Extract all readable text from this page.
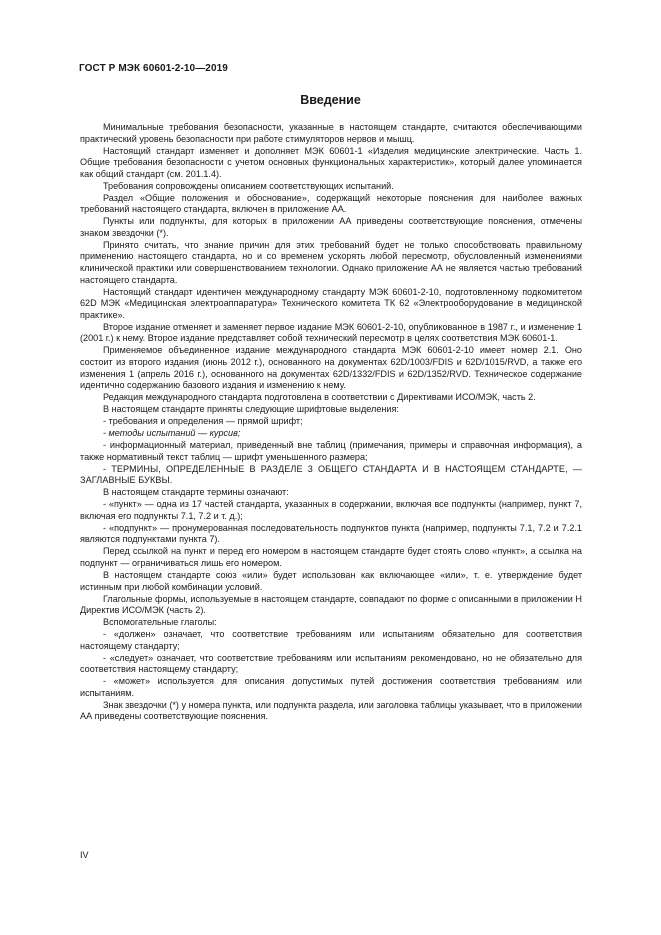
ГОСТ Р МЭК 60601-2-10—2019
Введение

Минимальные требования безопасности, указанные в настоящем стандарте, считаются обеспечивающими практический уровень безопасности при работе стимуляторов нервов и мышц.

Настоящий стандарт изменяет и дополняет МЭК 60601-1 «Изделия медицинские электрические. Часть 1. Общие требования безопасности с учетом основных функциональных характеристик», который далее упоминается как общий стандарт (см. 201.1.4).

Требования сопровождены описанием соответствующих испытаний.

Раздел «Общие положения и обоснование», содержащий некоторые пояснения для наиболее важных требований настоящего стандарта, включен в приложение АА.

Пункты или подпункты, для которых в приложении АА приведены соответствующие пояснения, отмечены знаком звездочки (*).

Принято считать, что знание причин для этих требований будет не только способствовать правильному применению настоящего стандарта, но и со временем ускорять любой пересмотр, обусловленный изменениями клинической практики или совершенствованием технологии. Однако приложение АА не является частью требований настоящего стандарта.

Настоящий стандарт идентичен международному стандарту МЭК 60601-2-10, подготовленному подкомитетом 62D МЭК «Медицинская электроаппаратура» Технического комитета ТК 62 «Электрооборудование в медицинской практике».

Второе издание отменяет и заменяет первое издание МЭК 60601-2-10, опубликованное в 1987 г., и изменение 1 (2001 г.) к нему. Второе издание представляет собой технический пересмотр в целях соответствия МЭК 60601-1.

Применяемое объединенное издание международного стандарта МЭК 60601-2-10 имеет номер 2.1. Оно состоит из второго издания (июнь 2012 г.), основанного на документах 62D/1003/FDIS и 62D/1015/RVD, а также его изменения 1 (апрель 2016 г.), основанного на документах 62D/1332/FDIS и 62D/1352/RVD. Техническое содержание идентично содержанию базового издания и изменению к нему.

Редакция международного стандарта подготовлена в соответствии с Директивами ИСО/МЭК, часть 2.

В настоящем стандарте приняты следующие шрифтовые выделения:

- требования и определения — прямой шрифт;

- методы испытаний — курсив;

- информационный материал, приведенный вне таблиц (примечания, примеры и справочная информация), а также нормативный текст таблиц — шрифт уменьшенного размера;

- ТЕРМИНЫ, ОПРЕДЕЛЕННЫЕ В РАЗДЕЛЕ 3 ОБЩЕГО СТАНДАРТА И В НАСТОЯЩЕМ СТАНДАРТЕ, — ЗАГЛАВНЫЕ БУКВЫ.

В настоящем стандарте термины означают:

- «пункт» — одна из 17 частей стандарта, указанных в содержании, включая все подпункты (например, пункт 7, включая его подпункты 7.1, 7.2 и т. д.);

- «подпункт» — пронумерованная последовательность подпунктов пункта (например, подпункты 7.1, 7.2 и 7.2.1 являются подпунктами пункта 7).

Перед ссылкой на пункт и перед его номером в настоящем стандарте будет стоять слово «пункт», а ссылка на подпункт — ограничиваться лишь его номером.

В настоящем стандарте союз «или» будет использован как включающее «или», т. е. утверждение будет истинным при любой комбинации условий.

Глагольные формы, используемые в настоящем стандарте, совпадают по форме с описанными в приложении Н Директив ИСО/МЭК (часть 2).

Вспомогательные глаголы:

- «должен» означает, что соответствие требованиям или испытаниям обязательно для соответствия настоящему стандарту;

- «следует» означает, что соответствие требованиям или испытаниям рекомендовано, но не обязательно для соответствия настоящему стандарту;

- «может» используется для описания допустимых путей достижения соответствия требованиям или испытаниям.

Знак звездочки (*) у номера пункта, или подпункта раздела, или заголовка таблицы указывает, что в приложении АА приведены соответствующие пояснения.

IV
